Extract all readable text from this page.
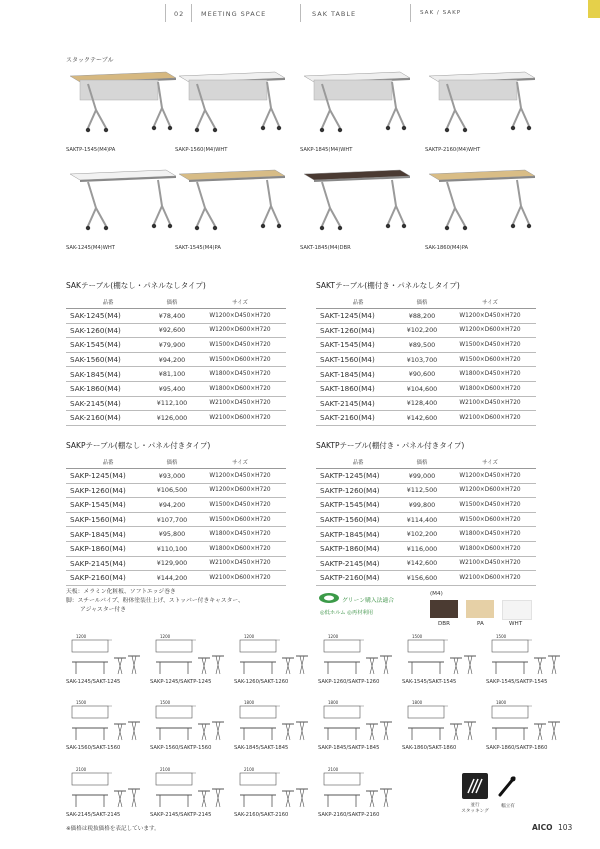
02	MEETING SPACE	SAK TABLE	SAK / SAKP
スタックテーブル
SAKTP-1545(M4)PA	SAKP-1560(M4)WHT	SAKP-1845(M4)WHT	SAKTP-2160(M4)WHT
SAK-1245(M4)WHT	SAKT-1545(M4)PA	SAKT-1845(M4)DBR	SAK-1860(M4)PA
SAKテーブル(棚なし・パネルなしタイプ)
品番	価格	サイズ
SAK-1245(M4)	¥78,400	W1200×D450×H720
SAK-1260(M4)	¥92,600	W1200×D600×H720
SAK-1545(M4)	¥79,900	W1500×D450×H720
SAK-1560(M4)	¥94,200	W1500×D600×H720
SAK-1845(M4)	¥81,100	W1800×D450×H720
SAK-1860(M4)	¥95,400	W1800×D600×H720
SAK-2145(M4)	¥112,100	W2100×D450×H720
SAK-2160(M4)	¥126,000	W2100×D600×H720
SAKTテーブル(棚付き・パネルなしタイプ)
品番	価格	サイズ
SAKT-1245(M4)	¥88,200	W1200×D450×H720
SAKT-1260(M4)	¥102,200	W1200×D600×H720
SAKT-1545(M4)	¥89,500	W1500×D450×H720
SAKT-1560(M4)	¥103,700	W1500×D600×H720
SAKT-1845(M4)	¥90,600	W1800×D450×H720
SAKT-1860(M4)	¥104,600	W1800×D600×H720
SAKT-2145(M4)	¥128,400	W2100×D450×H720
SAKT-2160(M4)	¥142,600	W2100×D600×H720
SAKPテーブル(棚なし・パネル付きタイプ)
品番	価格	サイズ
SAKP-1245(M4)	¥93,000	W1200×D450×H720
SAKP-1260(M4)	¥106,500	W1200×D600×H720
SAKP-1545(M4)	¥94,200	W1500×D450×H720
SAKP-1560(M4)	¥107,700	W1500×D600×H720
SAKP-1845(M4)	¥95,800	W1800×D450×H720
SAKP-1860(M4)	¥110,100	W1800×D600×H720
SAKP-2145(M4)	¥129,900	W2100×D450×H720
SAKP-2160(M4)	¥144,200	W2100×D600×H720
SAKTPテーブル(棚付き・パネル付きタイプ)
品番	価格	サイズ
SAKTP-1245(M4)	¥99,000	W1200×D450×H720
SAKTP-1260(M4)	¥112,500	W1200×D600×H720
SAKTP-1545(M4)	¥99,800	W1500×D450×H720
SAKTP-1560(M4)	¥114,400	W1500×D600×H720
SAKTP-1845(M4)	¥102,200	W1800×D450×H720
SAKTP-1860(M4)	¥116,000	W1800×D600×H720
SAKTP-2145(M4)	¥142,600	W2100×D450×H720
SAKTP-2160(M4)	¥156,600	W2100×D600×H720
天板：メラミン化粧板、ソフトエッジ巻き
脚：スチールパイプ、粉体塗装仕上げ、ストッパー付きキャスター、
アジャスター付き
グリーン購入法適合
◎低ホルム ◎再材利用
(M4)
DBR	PA	WHT
1200
SAK-1245/SAKT-1245
1200
SAKP-1245/SAKTP-1245
1200
SAK-1260/SAKT-1260
1200
SAKP-1260/SAKTP-1260
1500
SAK-1545/SAKT-1545
1500
SAKP-1545/SAKTP-1545
1500
SAK-1560/SAKT-1560
1500
SAKP-1560/SAKTP-1560
1800
SAK-1845/SAKT-1845
1800
SAKP-1845/SAKTP-1845
1800
SAK-1860/SAKT-1860
1800
SAKP-1860/SAKTP-1860
2100
SAK-2145/SAKT-2145
2100
SAKP-2145/SAKTP-2145
2100
SAK-2160/SAKT-2160
2100
SAKP-2160/SAKTP-2160
並行
スタッキング
幅立有
※価格は税抜価格を表記しています。	AICO 103
